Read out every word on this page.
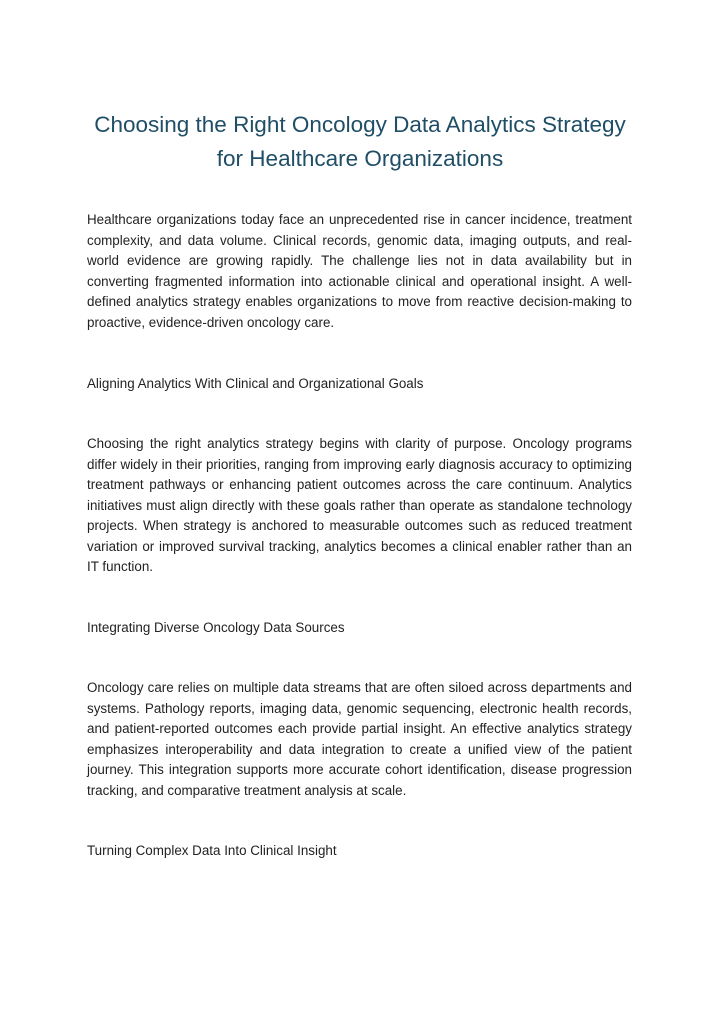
Choosing the Right Oncology Data Analytics Strategy for Healthcare Organizations

Healthcare organizations today face an unprecedented rise in cancer incidence, treatment complexity, and data volume. Clinical records, genomic data, imaging outputs, and real-world evidence are growing rapidly. The challenge lies not in data availability but in converting fragmented information into actionable clinical and operational insight. A well-defined analytics strategy enables organizations to move from reactive decision-making to proactive, evidence-driven oncology care.

Aligning Analytics With Clinical and Organizational Goals

Choosing the right analytics strategy begins with clarity of purpose. Oncology programs differ widely in their priorities, ranging from improving early diagnosis accuracy to optimizing treatment pathways or enhancing patient outcomes across the care continuum. Analytics initiatives must align directly with these goals rather than operate as standalone technology projects. When strategy is anchored to measurable outcomes such as reduced treatment variation or improved survival tracking, analytics becomes a clinical enabler rather than an IT function.

Integrating Diverse Oncology Data Sources

Oncology care relies on multiple data streams that are often siloed across departments and systems. Pathology reports, imaging data, genomic sequencing, electronic health records, and patient-reported outcomes each provide partial insight. An effective analytics strategy emphasizes interoperability and data integration to create a unified view of the patient journey. This integration supports more accurate cohort identification, disease progression tracking, and comparative treatment analysis at scale.

Turning Complex Data Into Clinical Insight
